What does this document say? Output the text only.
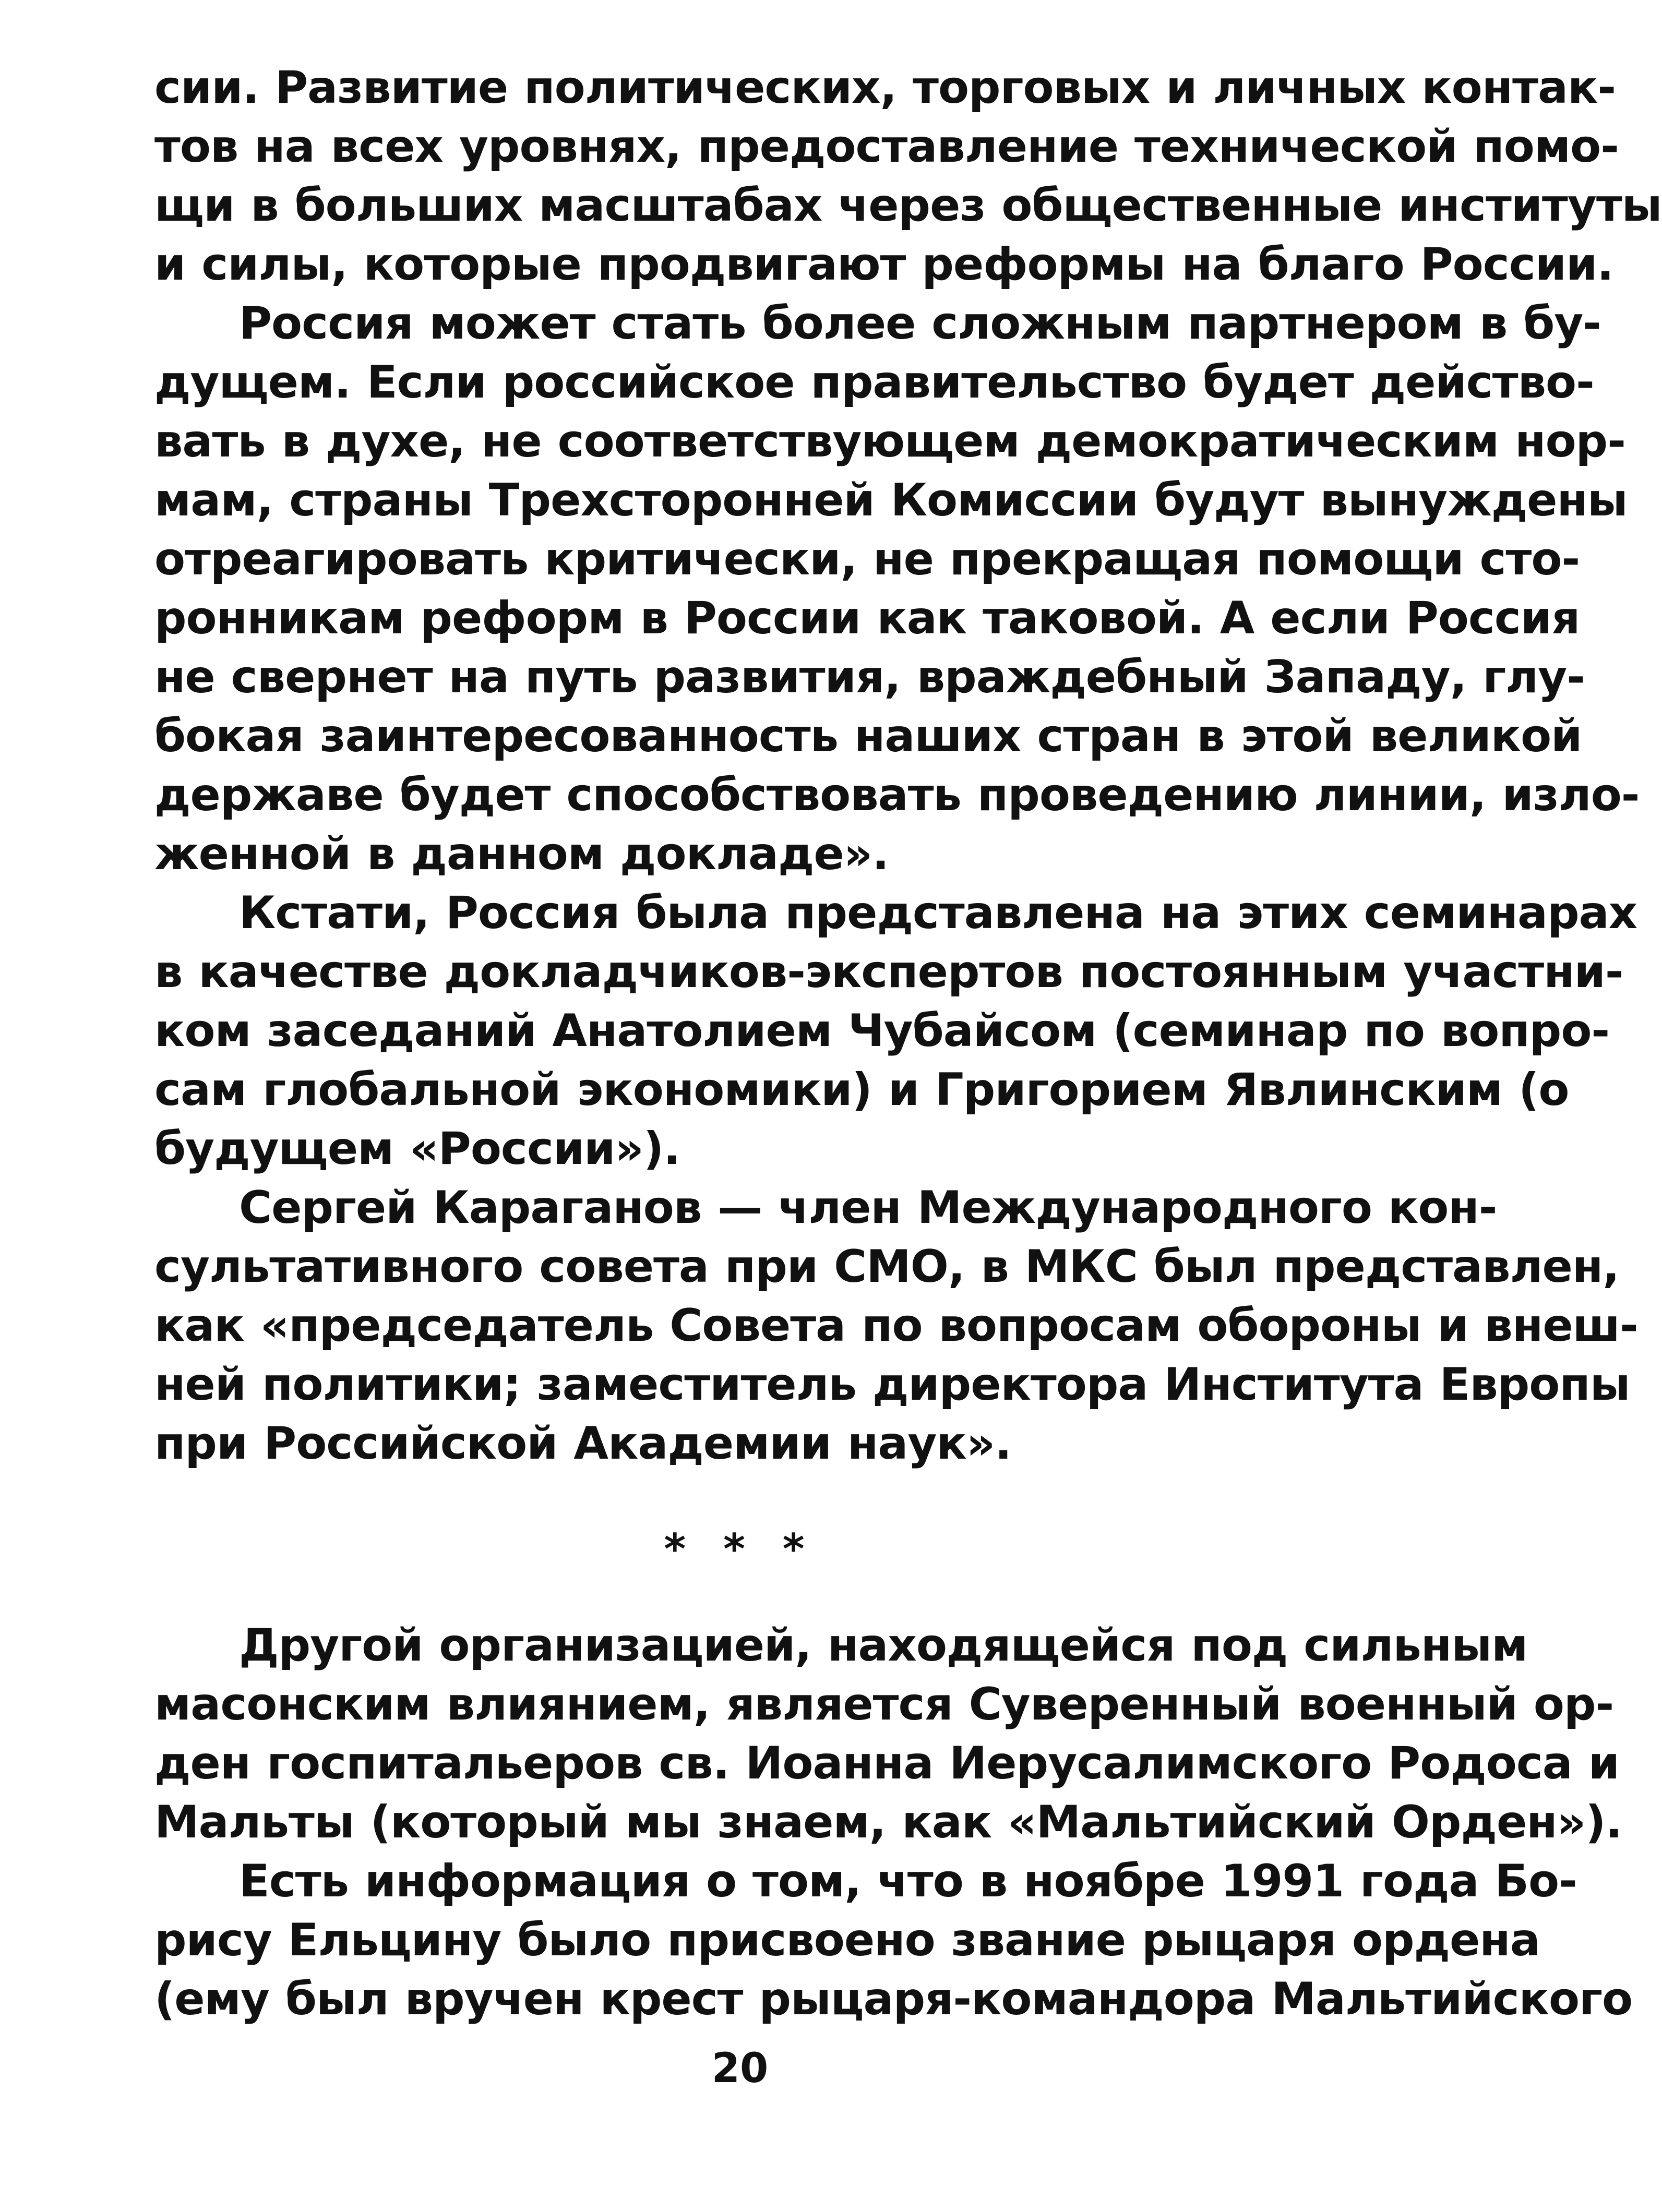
сии. Развитие политических, торговых и личных контак-
тов на всех уровнях, предоставление технической помо-
щи в больших масштабах через общественные институты
и силы, которые продвигают реформы на благо России.
Россия может стать более сложным партнером в бу-
дущем. Если российское правительство будет действо-
вать в духе, не соответствующем демократическим нор-
мам, страны Трехсторонней Комиссии будут вынуждены
отреагировать критически, не прекращая помощи сто-
ронникам реформ в России как таковой. А если Россия
не свернет на путь развития, враждебный Западу, глу-
бокая заинтересованность наших стран в этой великой
державе будет способствовать проведению линии, изло-
женной в данном докладе».
Кстати, Россия была представлена на этих семинарах
в качестве докладчиков-экспертов постоянным участни-
ком заседаний Анатолием Чубайсом (семинар по вопро-
сам глобальной экономики) и Григорием Явлинским (о
будущем «России»).
Сергей Караганов — член Международного кон-
сультативного совета при СМО, в МКС был представлен,
как «председатель Совета по вопросам обороны и внеш-
ней политики; заместитель директора Института Европы
при Российской Академии наук».
* * *
Другой организацией, находящейся под сильным
масонским влиянием, является Суверенный военный ор-
ден госпитальеров св. Иоанна Иерусалимского Родоса и
Мальты (который мы знаем, как «Мальтийский Орден»).
Есть информация о том, что в ноябре 1991 года Бо-
рису Ельцину было присвоено звание рыцаря ордена
(ему был вручен крест рыцаря-командора Мальтийского
20
